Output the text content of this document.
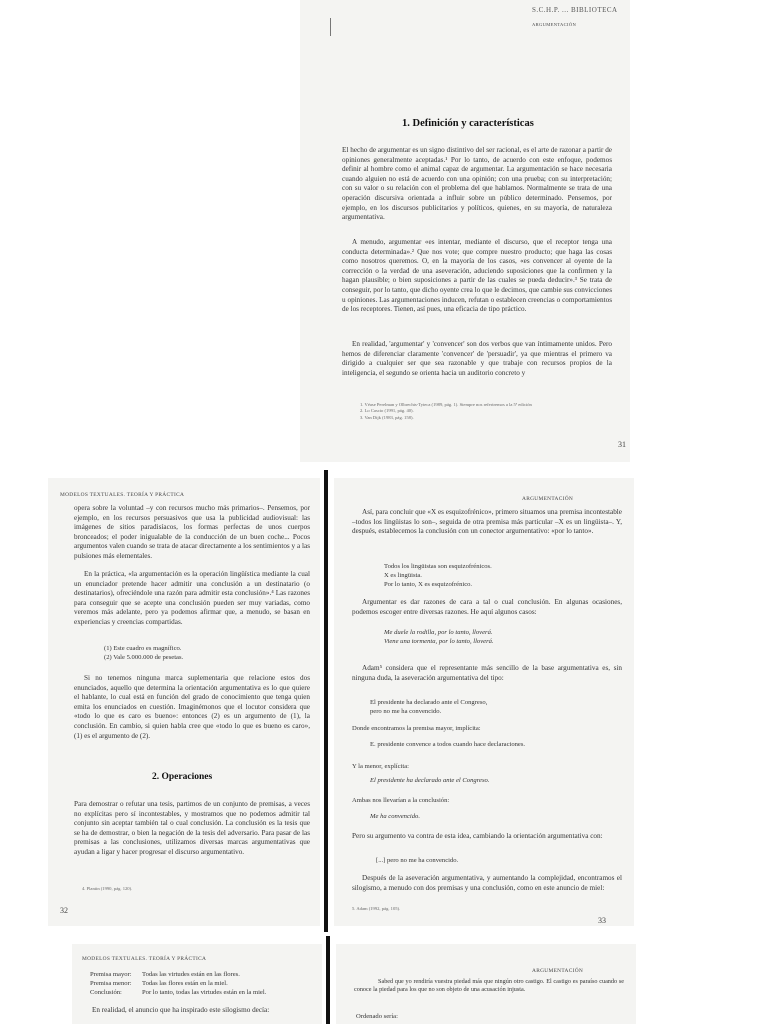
S.C.H.P. ... BIBLIOTECA
ARGUMENTACIÓN
1. Definición y características

El hecho de argumentar es un signo distintivo del ser racional, es el arte de razonar a partir de opiniones generalmente aceptadas.¹ Por lo tanto, de acuerdo con este enfoque, podemos definir al hombre como el animal capaz de argumentar. La argumentación se hace necesaria cuando alguien no está de acuerdo con una opinión; con una prueba; con su interpretación; con su valor o su relación con el problema del que hablamos. Normalmente se trata de una operación discursiva orientada a influir sobre un público determinado. Pensemos, por ejemplo, en los discursos publicitarios y políticos, quienes, en su mayoría, de naturaleza argumentativa.

A menudo, argumentar «es intentar, mediante el discurso, que el receptor tenga una conducta determinada».² Que nos vote; que compre nuestro producto; que haga las cosas como nosotros queremos. O, en la mayoría de los casos, «es convencer al oyente de la corrección o la verdad de una aseveración, aduciendo suposiciones que la confirmen y la hagan plausible; o bien suposiciones a partir de las cuales se pueda deducir».³ Se trata de conseguir, por lo tanto, que dicho oyente crea lo que le decimos, que cambie sus convicciones u opiniones. Las argumentaciones inducen, refutan o establecen creencias o comportamientos de los receptores. Tienen, así pues, una eficacia de tipo práctico.

En realidad, 'argumentar' y 'convencer' son dos verbos que van íntimamente unidos. Pero hemos de diferenciar claramente 'convencer' de 'persuadir', ya que mientras el primero va dirigido a cualquier ser que sea razonable y que trabaje con recursos propios de la inteligencia, el segundo se orienta hacia un auditorio concreto y

1. Véase Perelman y Olbrechts-Tyteca (1989, pág. 1). Siempre nos referiremos a la 5ª edición
2. Lo Cascio (1991, pág. 40).
3. Van Dijk (1983, pág. 158).
31
MODELOS TEXTUALES. TEORÍA Y PRÁCTICA

opera sobre la voluntad –y con recursos mucho más primarios–. Pensemos, por ejemplo, en los recursos persuasivos que usa la publicidad audiovisual: las imágenes de sitios paradisíacos, los formas perfectas de unos cuerpos bronceados; el poder inigualable de la conducción de un buen coche... Pocos argumentos valen cuando se trata de atacar directamente a los sentimientos y a las pulsiones más elementales.

En la práctica, «la argumentación es la operación lingüística mediante la cual un enunciador pretende hacer admitir una conclusión a un destinatario (o destinatarios), ofreciéndole una razón para admitir esta conclusión».⁴ Las razones para conseguir que se acepte una conclusión pueden ser muy variadas, como veremos más adelante, pero ya podemos afirmar que, a menudo, se basan en experiencias y creencias compartidas.

(1) Este cuadro es magnífico.
(2) Vale 5.000.000 de pesetas.

Si no tenemos ninguna marca suplementaria que relacione estos dos enunciados, aquello que determina la orientación argumentativa es lo que quiere el hablante, lo cual está en función del grado de conocimiento que tenga quien emita los enunciados en cuestión. Imaginémonos que el locutor considera que «todo lo que es caro es bueno»: entonces (2) es un argumento de (1), la conclusión. En cambio, si quien habla cree que «todo lo que es bueno es caro», (1) es el argumento de (2).

2. Operaciones

Para demostrar o refutar una tesis, partimos de un conjunto de premisas, a veces no explícitas pero sí incontestables, y mostramos que no podemos admitir tal conjunto sin aceptar también tal o cual conclusión. La conclusión es la tesis que se ha de demostrar, o bien la negación de la tesis del adversario. Para pasar de las premisas a las conclusiones, utilizamos diversas marcas argumentativas que ayudan a ligar y hacer progresar el discurso argumentativo.

4. Plantin (1990, pág. 120).
32
ARGUMENTACIÓN

Así, para concluir que «X es esquizofrénico», primero situamos una premisa incontestable –todos los lingüistas lo son–, seguida de otra premisa más particular –X es un lingüista–. Y, después, establecemos la conclusión con un conector argumentativo: «por lo tanto».

Todos los lingüistas son esquizofrénicos.
X es lingüista.
Por lo tanto, X es esquizofrénico.

Argumentar es dar razones de cara a tal o cual conclusión. En algunas ocasiones, podemos escoger entre diversas razones. He aquí algunos casos:

Me duele la rodilla, por lo tanto, lloverá.
Viene una tormenta, por lo tanto, lloverá.

Adam⁵ considera que el representante más sencillo de la base argumentativa es, sin ninguna duda, la aseveración argumentativa del tipo:

El presidente ha declarado ante el Congreso,
pero no me ha convencido.
Donde encontramos la premisa mayor, implícita:
E. presidente convence a todos cuando hace declaraciones.
Y la menor, explícita:
El presidente ha declarado ante el Congreso.
Ambas nos llevarían a la conclusión:
Me ha convencido.

Pero su argumento va contra de esta idea, cambiando la orientación argumentativa con:

[...] pero no me ha convencido.

Después de la aseveración argumentativa, y aumentando la complejidad, encontramos el silogismo, a menudo con dos premisas y una conclusión, como en este anuncio de miel:

5. Adam (1992, pág. 105).
33
MODELOS TEXTUALES. TEORÍA Y PRÁCTICA
Premisa mayor: Todas las virtudes están en las flores.
Premisa menor: Todas las flores están en la miel.
Conclusión:	Por lo tanto, todas las virtudes están en la miel.

En realidad, el anuncio que ha inspirado este silogismo decía:

ARGUMENTACIÓN

Sabed que yo rendiría vuestra piedad más que ningún otro castigo. El castigo es paraíso cuando se conoce la piedad para los que no son objeto de una acusación injusta.

Ordenado sería:
